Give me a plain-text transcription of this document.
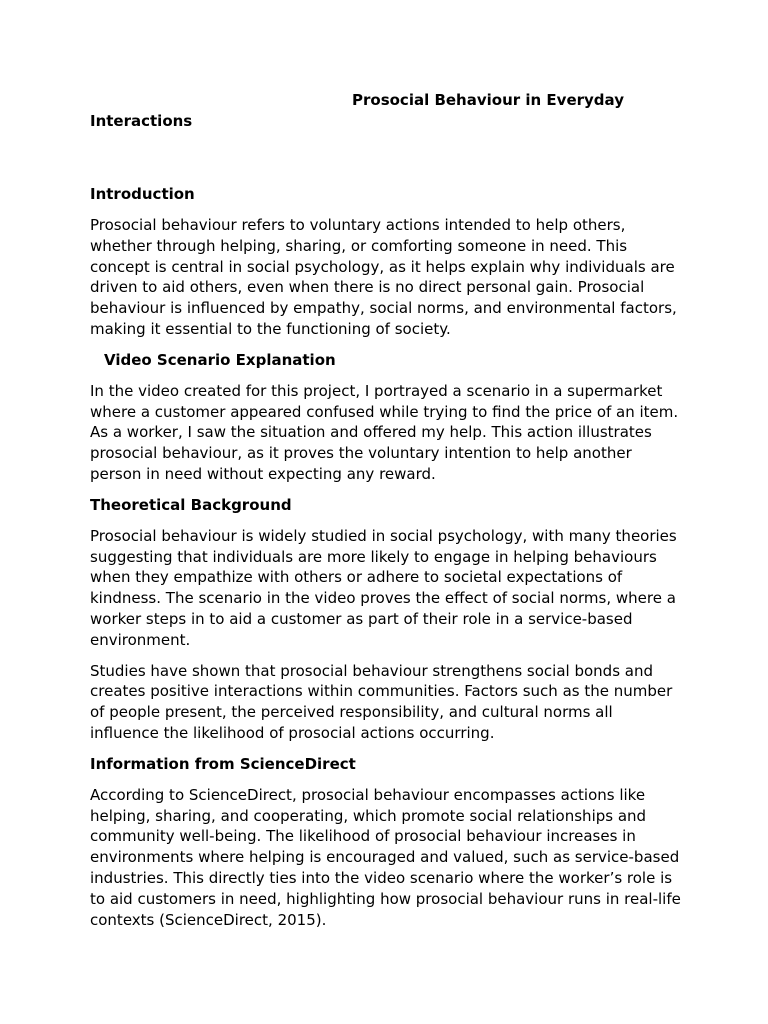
Prosocial Behaviour in Everyday Interactions

Introduction

Prosocial behaviour refers to voluntary actions intended to help others, whether through helping, sharing, or comforting someone in need. This concept is central in social psychology, as it helps explain why individuals are driven to aid others, even when there is no direct personal gain. Prosocial behaviour is influenced by empathy, social norms, and environmental factors, making it essential to the functioning of society.

Video Scenario Explanation

In the video created for this project, I portrayed a scenario in a supermarket where a customer appeared confused while trying to find the price of an item. As a worker, I saw the situation and offered my help. This action illustrates prosocial behaviour, as it proves the voluntary intention to help another person in need without expecting any reward.

Theoretical Background

Prosocial behaviour is widely studied in social psychology, with many theories suggesting that individuals are more likely to engage in helping behaviours when they empathize with others or adhere to societal expectations of kindness. The scenario in the video proves the effect of social norms, where a worker steps in to aid a customer as part of their role in a service-based environment.

Studies have shown that prosocial behaviour strengthens social bonds and creates positive interactions within communities. Factors such as the number of people present, the perceived responsibility, and cultural norms all influence the likelihood of prosocial actions occurring.

Information from ScienceDirect

According to ScienceDirect, prosocial behaviour encompasses actions like helping, sharing, and cooperating, which promote social relationships and community well-being. The likelihood of prosocial behaviour increases in environments where helping is encouraged and valued, such as service-based industries. This directly ties into the video scenario where the worker’s role is to aid customers in need, highlighting how prosocial behaviour runs in real-life contexts (ScienceDirect, 2015).
